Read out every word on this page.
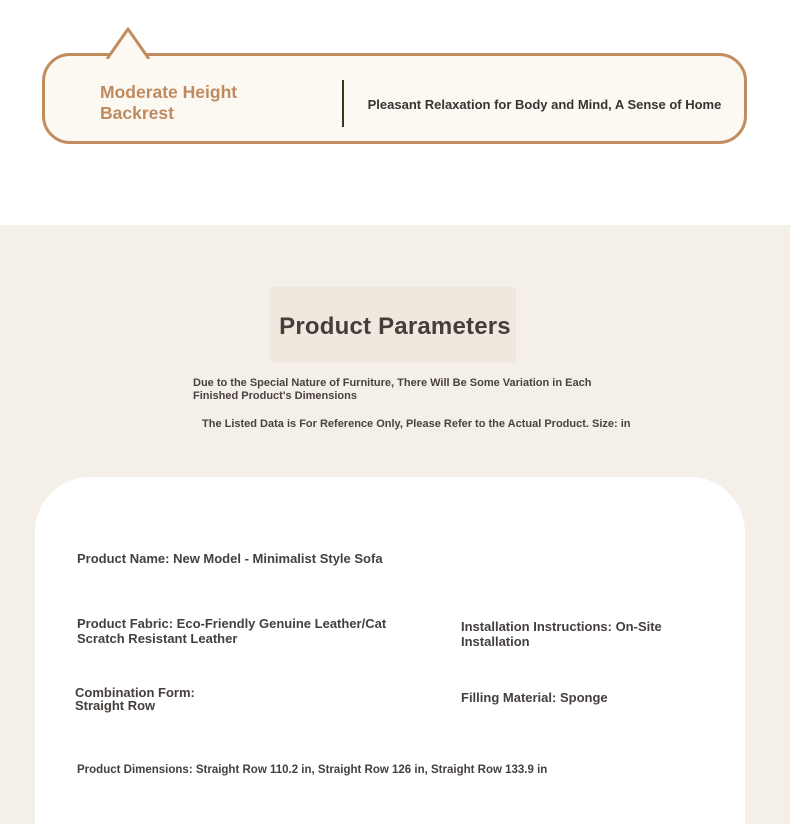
Moderate Height Backrest	Pleasant Relaxation for Body and Mind, A Sense of Home
Product Parameters
Due to the Special Nature of Furniture, There Will Be Some Variation in Each
Finished Product's Dimensions
The Listed Data is For Reference Only, Please Refer to the Actual Product. Size: in
Product Name: New Model - Minimalist Style Sofa
Product Fabric: Eco-Friendly Genuine Leather/Cat
Scratch Resistant Leather
Installation Instructions: On-Site
Installation
Combination Form:
Straight Row
Filling Material: Sponge
Product Dimensions: Straight Row 110.2 in, Straight Row 126 in, Straight Row 133.9 in
